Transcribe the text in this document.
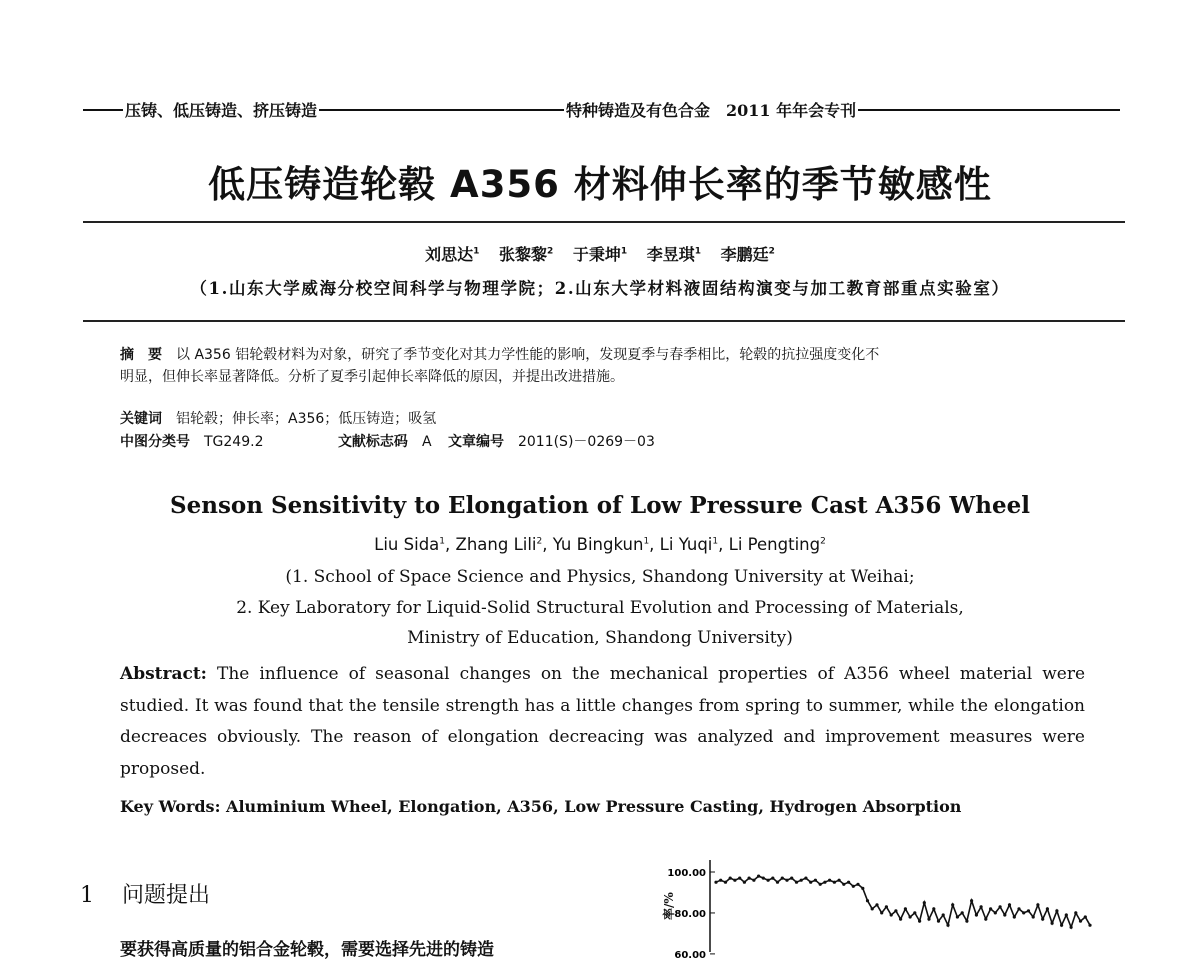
压铸、低压铸造、挤压铸造	特种铸造及有色合金　2011 年年会专刊
低压铸造轮毂 A356 材料伸长率的季节敏感性
刘思达$^1$ 张黎黎$^2$ 于秉坤$^1$ 李昱琪$^1$ 李鹏廷$^2$
（1.山东大学威海分校空间科学与物理学院；2.山东大学材料液固结构演变与加工教育部重点实验室）
摘　要 以 A356 铝轮毂材料为对象，研究了季节变化对其力学性能的影响，发现夏季与春季相比，轮毂的抗拉强度变化不
明显，但伸长率显著降低。分析了夏季引起伸长率降低的原因，并提出改进措施。
关键词 铝轮毂；伸长率；A356；低压铸造；吸氢
中图分类号 TG249.2	文献标志码 A 文章编号 2011(S)－0269－03
Senson Sensitivity to Elongation of Low Pressure Cast A356 Wheel
Liu Sida$^1$, Zhang Lili$^2$, Yu Bingkun$^1$, Li Yuqi$^1$, Li Pengting$^2$
(1. School of Space Science and Physics, Shandong University at Weihai;
2. Key Laboratory for Liquid-Solid Structural Evolution and Processing of Materials,
Ministry of Education, Shandong University)
Abstract: The influence of seasonal changes on the mechanical properties of A356 wheel material were studied. It was found that the tensile strength has a little changes from spring to summer, while the elongation decreaces obviously. The reason of elongation decreacing was analyzed and improvement measures were proposed.
Key Words: Aluminium Wheel, Elongation, A356, Low Pressure Casting, Hydrogen Absorption
1 问题提出
要获得高质量的铝合金轮毂，需要选择先进的铸造
率/%
100.00
80.00
60.00
